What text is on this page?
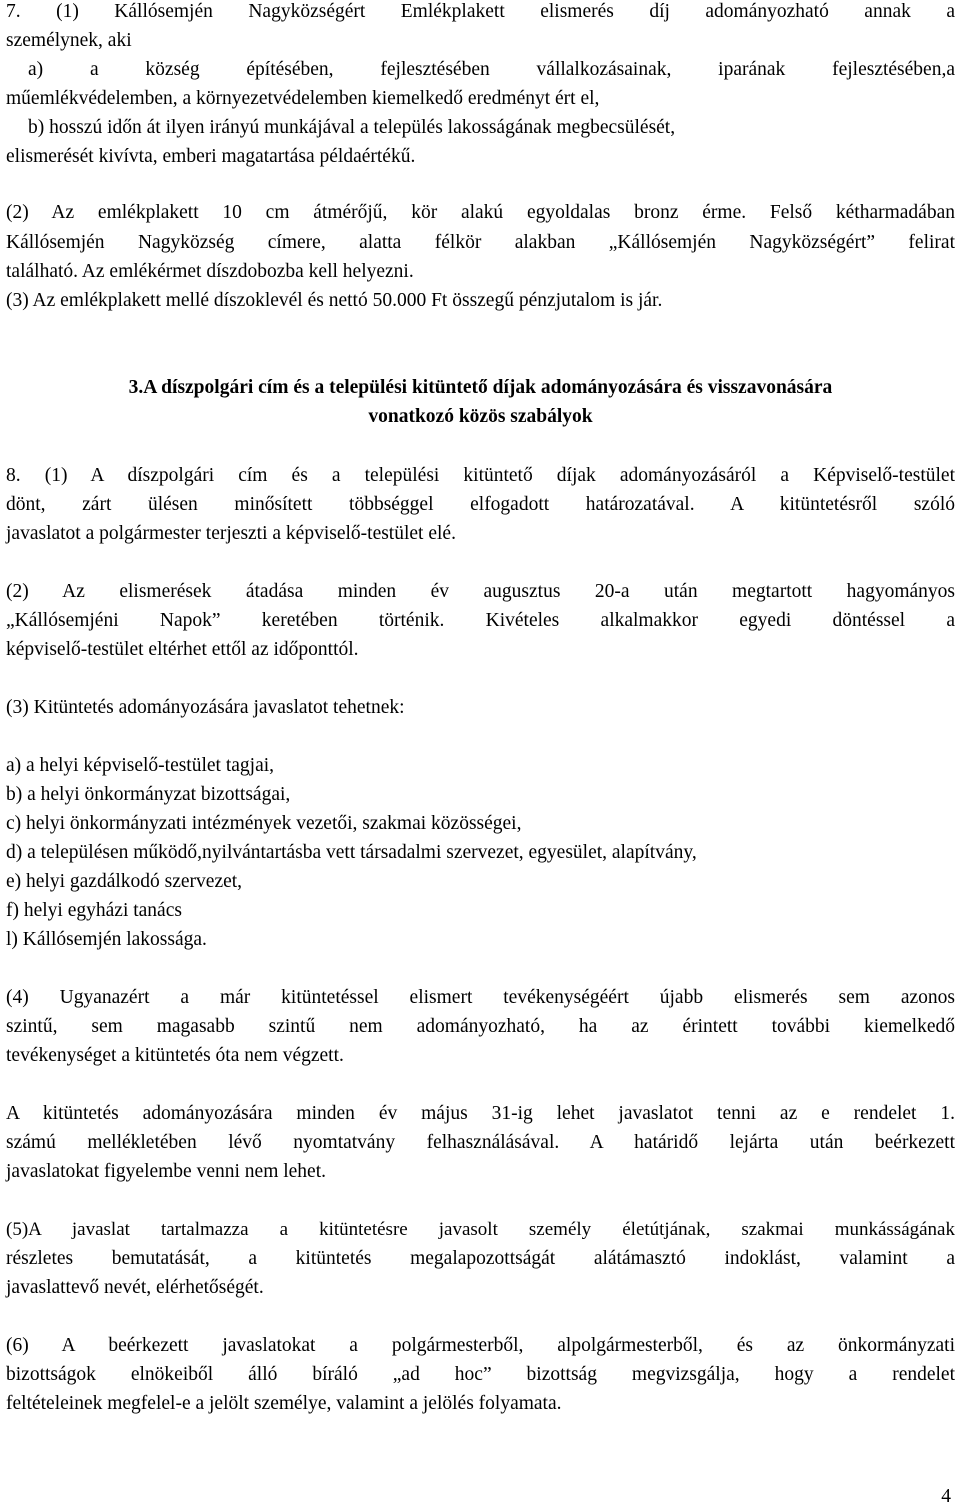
7. (1) Kállósemjén Nagyközségért Emlékplakett elismerés díj adományozható annak a
személynek, aki
a) a község építésében, fejlesztésében vállalkozásainak, iparának fejlesztésében,a
műemlékvédelemben, a környezetvédelemben kiemelkedő eredményt ért el,
b) hosszú időn át ilyen irányú munkájával a település lakosságának megbecsülését,
elismerését kivívta, emberi magatartása példaértékű.
(2) Az emlékplakett 10 cm átmérőjű, kör alakú egyoldalas bronz érme. Felső kétharmadában
Kállósemjén Nagyközség címere, alatta félkör alakban „Kállósemjén Nagyközségért” felirat
található. Az emlékérmet díszdobozba kell helyezni.
(3) Az emlékplakett mellé díszoklevél és nettó 50.000 Ft összegű pénzjutalom is jár.
3.A díszpolgári cím és a települési kitüntető díjak adományozására és visszavonására
vonatkozó közös szabályok
8. (1) A díszpolgári cím és a települési kitüntető díjak adományozásáról a Képviselő-testület
dönt, zárt ülésen minősített többséggel elfogadott határozatával. A kitüntetésről szóló
javaslatot a polgármester terjeszti a képviselő-testület elé.
(2) Az elismerések átadása minden év augusztus 20-a után megtartott hagyományos
„Kállósemjéni Napok” keretében történik. Kivételes alkalmakkor egyedi döntéssel a
képviselő-testület eltérhet ettől az időponttól.
(3) Kitüntetés adományozására javaslatot tehetnek:
a) a helyi képviselő-testület tagjai,
b) a helyi önkormányzat bizottságai,
c) helyi önkormányzati intézmények vezetői, szakmai közösségei,
d) a településen működő,nyilvántartásba vett társadalmi szervezet, egyesület, alapítvány,
e) helyi gazdálkodó szervezet,
f) helyi egyházi tanács
l) Kállósemjén lakossága.
(4) Ugyanazért a már kitüntetéssel elismert tevékenységéért újabb elismerés sem azonos
szintű, sem magasabb szintű nem adományozható, ha az érintett további kiemelkedő
tevékenységet a kitüntetés óta nem végzett.
A kitüntetés adományozására minden év május 31-ig lehet javaslatot tenni az e rendelet 1.
számú mellékletében lévő nyomtatvány felhasználásával. A határidő lejárta után beérkezett
javaslatokat figyelembe venni nem lehet.
(5)A javaslat tartalmazza a kitüntetésre javasolt személy életútjának, szakmai munkásságának
részletes bemutatását, a kitüntetés megalapozottságát alátámasztó indoklást, valamint a
javaslattevő nevét, elérhetőségét.
(6) A beérkezett javaslatokat a polgármesterből, alpolgármesterből, és az önkormányzati
bizottságok elnökeiből álló bíráló „ad hoc” bizottság megvizsgálja, hogy a rendelet
feltételeinek megfelel-e a jelölt személye, valamint a jelölés folyamata.
4
